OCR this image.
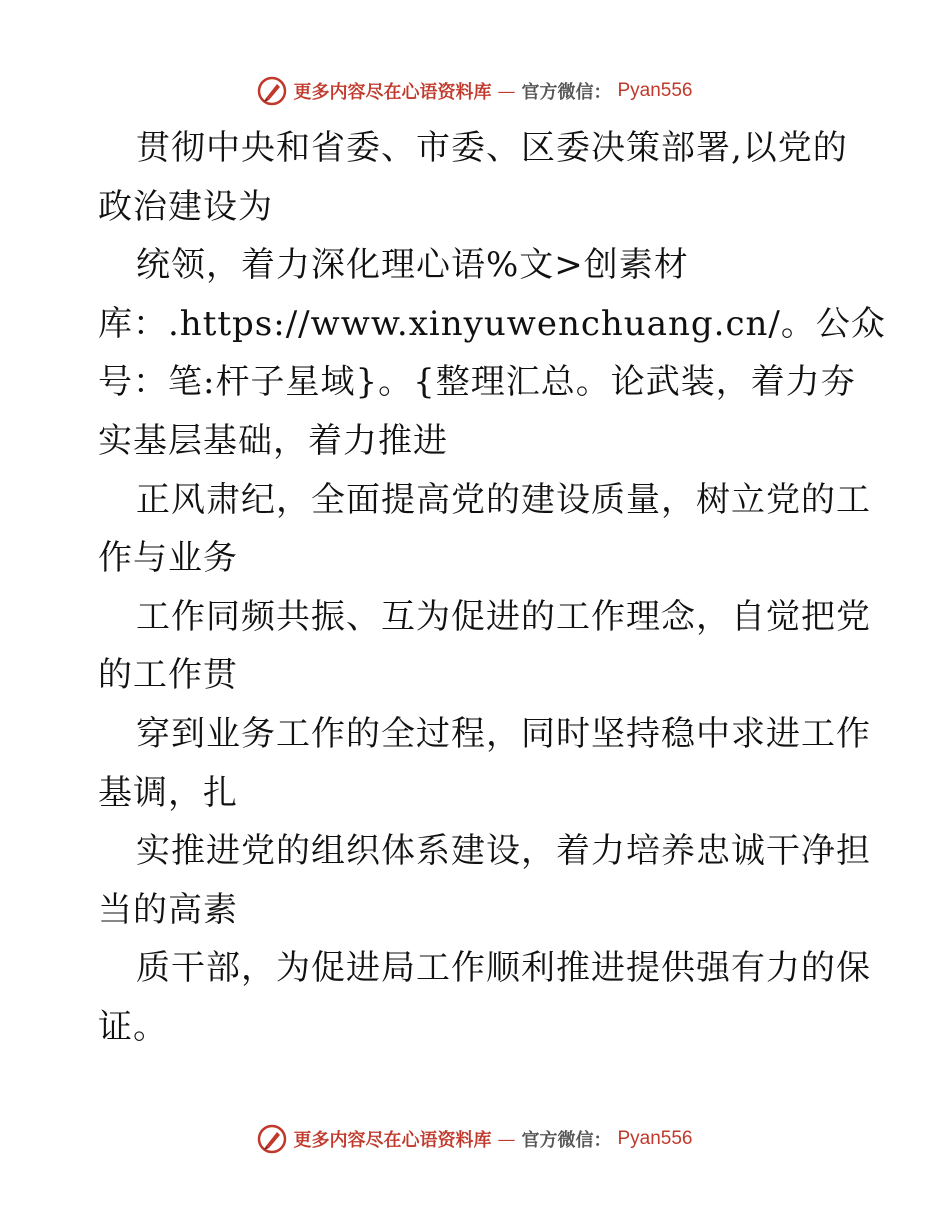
更多内容尽在心语资料库 — 官方微信： Pyan556
贯彻中央和省委、市委、区委决策部署,以党的
政治建设为
统领，着力深化理心语%文>创素材
库：.https://www.xinyuwenchuang.cn/。公众
号：笔:杆子星域}。{整理汇总。论武装，着力夯
实基层基础，着力推进
正风肃纪，全面提高党的建设质量，树立党的工
作与业务
工作同频共振、互为促进的工作理念，自觉把党
的工作贯
穿到业务工作的全过程，同时坚持稳中求进工作
基调，扎
实推进党的组织体系建设，着力培养忠诚干净担
当的高素
质干部，为促进局工作顺利推进提供强有力的保
证。
更多内容尽在心语资料库 — 官方微信： Pyan556
